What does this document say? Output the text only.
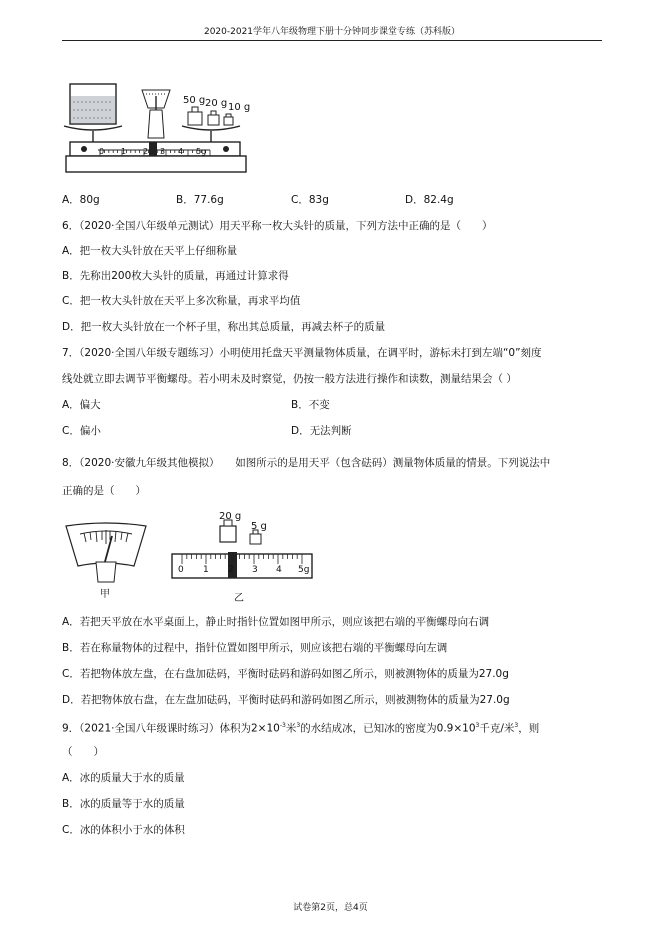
2020-2021学年八年级物理下册十分钟同步课堂专练（苏科版）
50 g 20 g 10 g
0 1 2 3 4 5g
A．80g	B．77.6g	C．83g	D．82.4g
6．（2020·全国八年级单元测试）用天平称一枚大头针的质量，下列方法中正确的是（　　）
A．把一枚大头针放在天平上仔细称量
B．先称出200枚大头针的质量，再通过计算求得
C．把一枚大头针放在天平上多次称量，再求平均值
D．把一枚大头针放在一个杯子里，称出其总质量，再减去杯子的质量
7．（2020·全国八年级专题练习）小明使用托盘天平测量物体质量，在调平时，游标未打到左端“0”刻度
线处就立即去调节平衡螺母。若小明未及时察觉，仍按一般方法进行操作和读数，测量结果会（ ）
A．偏大	B．不变
C．偏小	D．无法判断
8．（2020·安徽九年级其他模拟）　　如图所示的是用天平（包含砝码）测量物体质量的情景。下列说法中
正确的是（　　）
甲
20 g
5 g
0 1 2 3 4 5g
乙
A．若把天平放在水平桌面上，静止时指针位置如图甲所示，则应该把右端的平衡螺母向右调
B．若在称量物体的过程中，指针位置如图甲所示，则应该把右端的平衡螺母向左调
C．若把物体放左盘，在右盘加砝码，平衡时砝码和游码如图乙所示，则被测物体的质量为27.0g
D．若把物体放右盘，在左盘加砝码，平衡时砝码和游码如图乙所示，则被测物体的质量为27.0g
9．（2021·全国八年级课时练习）体积为$2\times 10^{-3}$米$^3$的水结成冰，已知冰的密度为$0.9\times 10^3$千克/米$^3$，则
（　　）
A．冰的质量大于水的质量
B．冰的质量等于水的质量
C．冰的体积小于水的体积
试卷第2页，总4页
